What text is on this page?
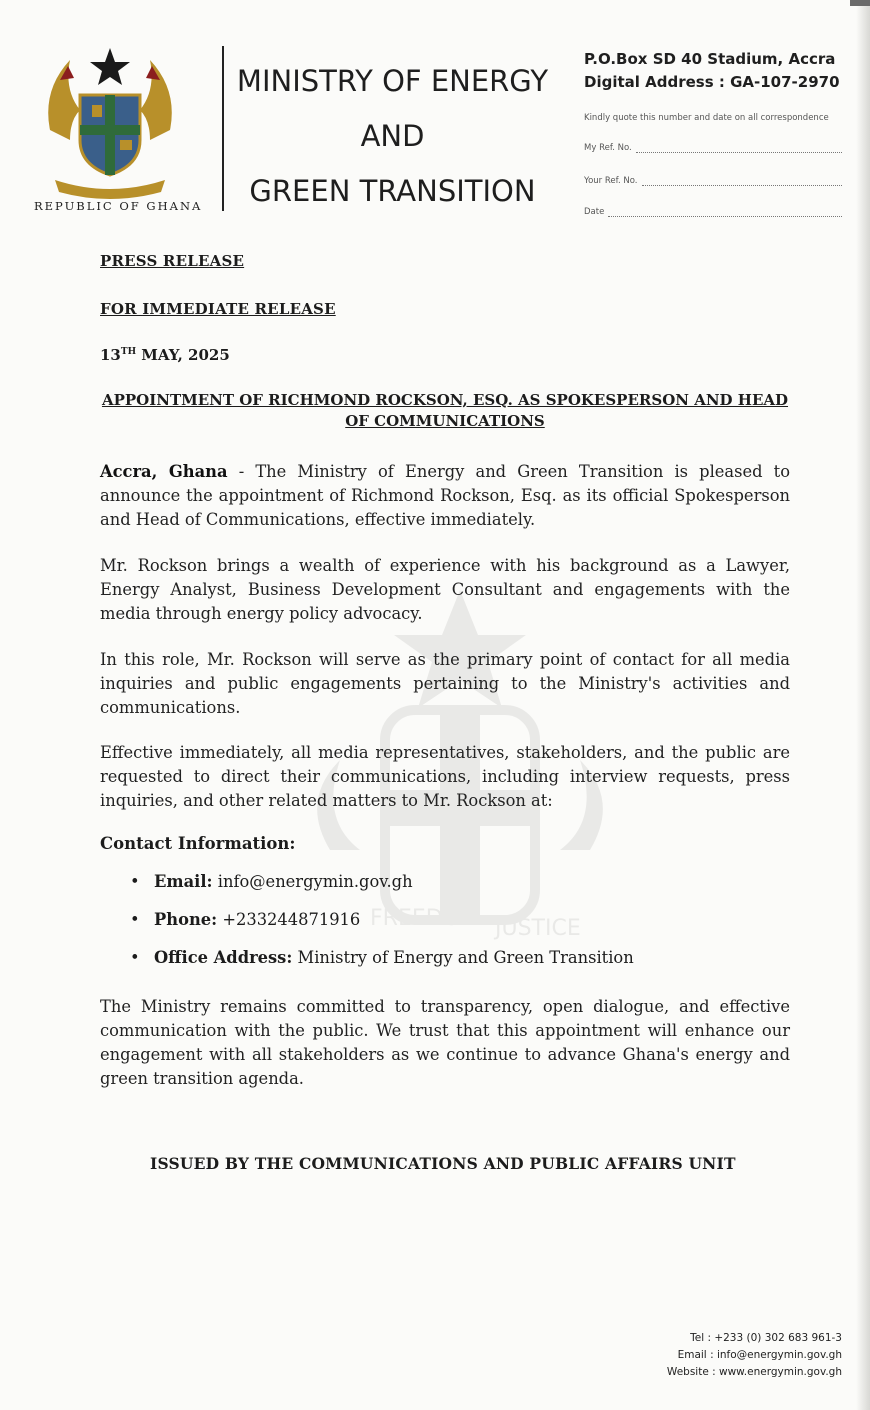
FREEDOM JUSTICE
REPUBLIC OF GHANA
MINISTRY OF ENERGY
AND
GREEN TRANSITION
P.O.Box SD 40 Stadium, Accra
Digital Address : GA-107-2970
Kindly quote this number and date on all correspondence
My Ref. No.
Your Ref. No.
Date
PRESS RELEASE
FOR IMMEDIATE RELEASE
13TH MAY, 2025
APPOINTMENT OF RICHMOND ROCKSON, ESQ. AS SPOKESPERSON AND HEAD OF COMMUNICATIONS
Accra, Ghana - The Ministry of Energy and Green Transition is pleased to announce the appointment of Richmond Rockson, Esq. as its official Spokesperson and Head of Communications, effective immediately.
Mr. Rockson brings a wealth of experience with his background as a Lawyer, Energy Analyst, Business Development Consultant and engagements with the media through energy policy advocacy.
In this role, Mr. Rockson will serve as the primary point of contact for all media inquiries and public engagements pertaining to the Ministry's activities and communications.
Effective immediately, all media representatives, stakeholders, and the public are requested to direct their communications, including interview requests, press inquiries, and other related matters to Mr. Rockson at:
Contact Information:
• Email: info@energymin.gov.gh
• Phone: +233244871916
• Office Address: Ministry of Energy and Green Transition
The Ministry remains committed to transparency, open dialogue, and effective communication with the public. We trust that this appointment will enhance our engagement with all stakeholders as we continue to advance Ghana's energy and green transition agenda.
ISSUED BY THE COMMUNICATIONS AND PUBLIC AFFAIRS UNIT
Tel : +233 (0) 302 683 961-3
Email : info@energymin.gov.gh
Website : www.energymin.gov.gh
